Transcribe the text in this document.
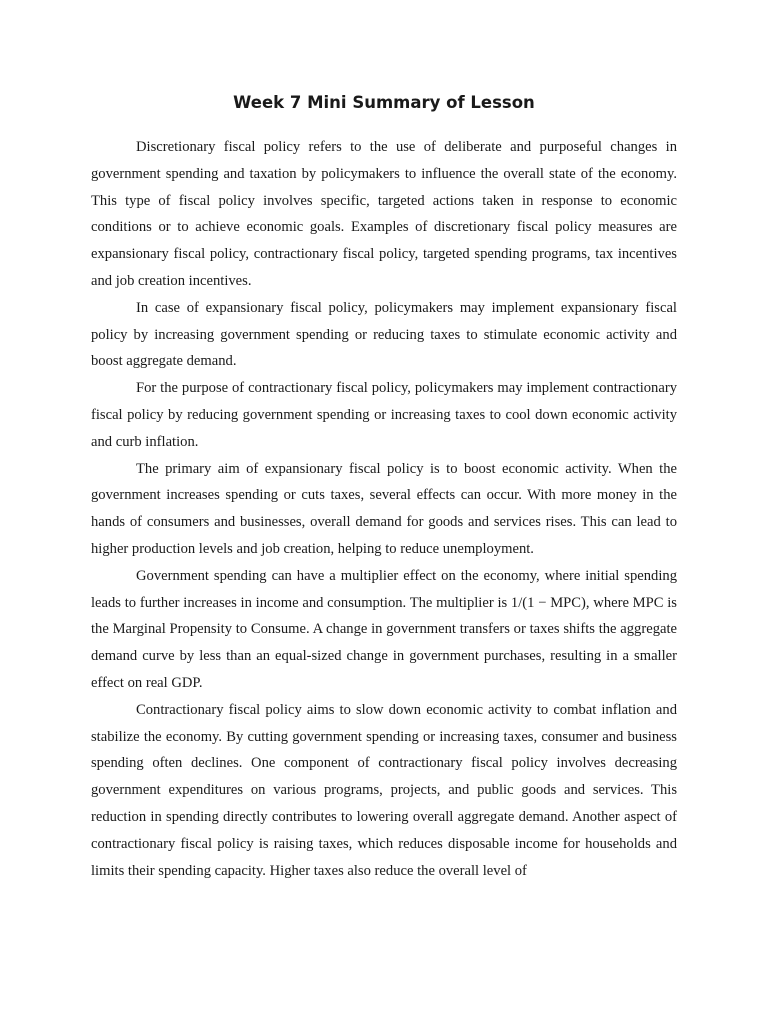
Week 7 Mini Summary of Lesson

Discretionary fiscal policy refers to the use of deliberate and purposeful changes in government spending and taxation by policymakers to influence the overall state of the economy. This type of fiscal policy involves specific, targeted actions taken in response to economic conditions or to achieve economic goals. Examples of discretionary fiscal policy measures are expansionary fiscal policy, contractionary fiscal policy, targeted spending programs, tax incentives and job creation incentives.

In case of expansionary fiscal policy, policymakers may implement expansionary fiscal policy by increasing government spending or reducing taxes to stimulate economic activity and boost aggregate demand.

For the purpose of contractionary fiscal policy, policymakers may implement contractionary fiscal policy by reducing government spending or increasing taxes to cool down economic activity and curb inflation.

The primary aim of expansionary fiscal policy is to boost economic activity. When the government increases spending or cuts taxes, several effects can occur. With more money in the hands of consumers and businesses, overall demand for goods and services rises. This can lead to higher production levels and job creation, helping to reduce unemployment.

Government spending can have a multiplier effect on the economy, where initial spending leads to further increases in income and consumption. The multiplier is 1/(1 − MPC), where MPC is the Marginal Propensity to Consume. A change in government transfers or taxes shifts the aggregate demand curve by less than an equal-sized change in government purchases, resulting in a smaller effect on real GDP.

Contractionary fiscal policy aims to slow down economic activity to combat inflation and stabilize the economy. By cutting government spending or increasing taxes, consumer and business spending often declines. One component of contractionary fiscal policy involves decreasing government expenditures on various programs, projects, and public goods and services. This reduction in spending directly contributes to lowering overall aggregate demand. Another aspect of contractionary fiscal policy is raising taxes, which reduces disposable income for households and limits their spending capacity. Higher taxes also reduce the overall level of
